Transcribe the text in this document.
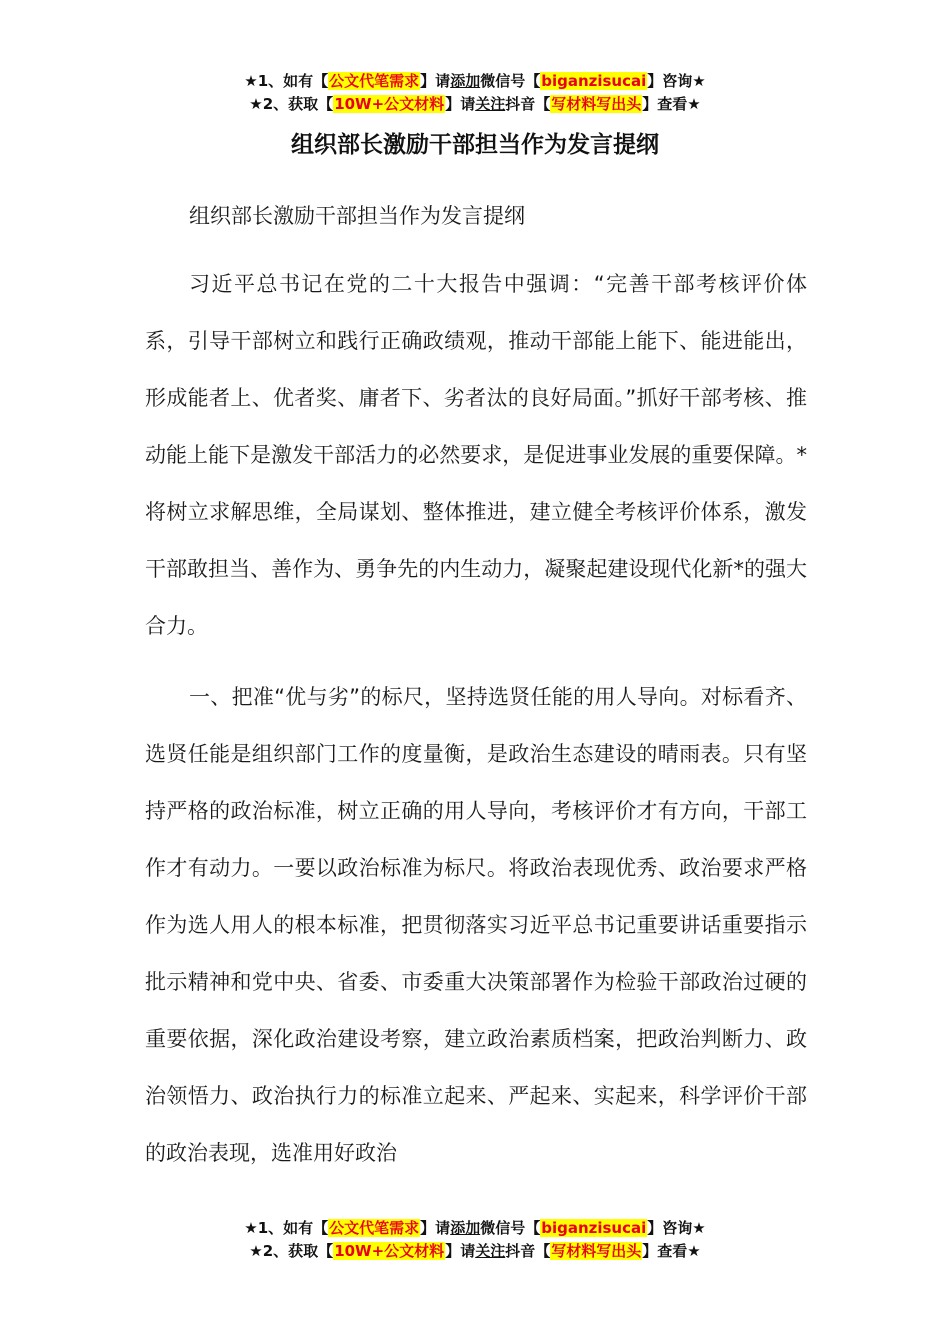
★1、如有【公文代笔需求】请添加微信号【biganzisucai】咨询★
★2、获取【10W+公文材料】请关注抖音【写材料写出头】查看★
组织部长激励干部担当作为发言提纲

组织部长激励干部担当作为发言提纲

习近平总书记在党的二十大报告中强调：“完善干部考核评价体系，引导干部树立和践行正确政绩观，推动干部能上能下、能进能出，形成能者上、优者奖、庸者下、劣者汰的良好局面。”抓好干部考核、推动能上能下是激发干部活力的必然要求，是促进事业发展的重要保障。*将树立求解思维，全局谋划、整体推进，建立健全考核评价体系，激发干部敢担当、善作为、勇争先的内生动力，凝聚起建设现代化新*的强大合力。

一、把准“优与劣”的标尺，坚持选贤任能的用人导向。对标看齐、选贤任能是组织部门工作的度量衡，是政治生态建设的晴雨表。只有坚持严格的政治标准，树立正确的用人导向，考核评价才有方向，干部工作才有动力。一要以政治标准为标尺。将政治表现优秀、政治要求严格作为选人用人的根本标准，把贯彻落实习近平总书记重要讲话重要指示批示精神和党中央、省委、市委重大决策部署作为检验干部政治过硬的重要依据，深化政治建设考察，建立政治素质档案，把政治判断力、政治领悟力、政治执行力的标准立起来、严起来、实起来，科学评价干部的政治表现，选准用好政治

★1、如有【公文代笔需求】请添加微信号【biganzisucai】咨询★
★2、获取【10W+公文材料】请关注抖音【写材料写出头】查看★
